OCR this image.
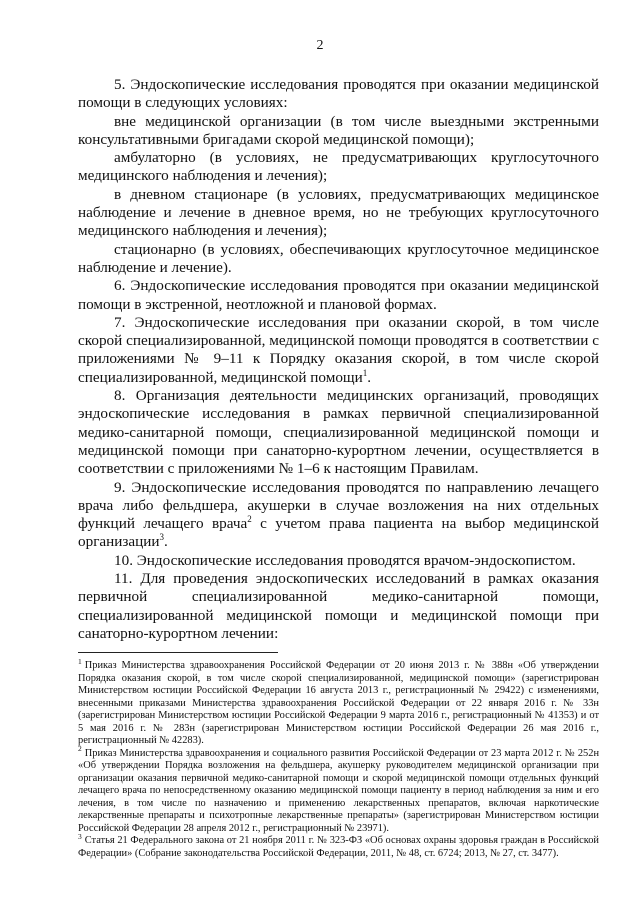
2

5. Эндоскопические исследования проводятся при оказании медицинской помощи в следующих условиях:

вне медицинской организации (в том числе выездными экстренными консультативными бригадами скорой медицинской помощи);

амбулаторно (в условиях, не предусматривающих круглосуточного медицинского наблюдения и лечения);

в дневном стационаре (в условиях, предусматривающих медицинское наблюдение и лечение в дневное время, но не требующих круглосуточного медицинского наблюдения и лечения);

стационарно (в условиях, обеспечивающих круглосуточное медицинское наблюдение и лечение).

6. Эндоскопические исследования проводятся при оказании медицинской помощи в экстренной, неотложной и плановой формах.

7. Эндоскопические исследования при оказании скорой, в том числе скорой специализированной, медицинской помощи проводятся в соответствии с приложениями № 9–11 к Порядку оказания скорой, в том числе скорой специализированной, медицинской помощи$^1$.

8. Организация деятельности медицинских организаций, проводящих эндоскопические исследования в рамках первичной специализированной медико-санитарной помощи, специализированной медицинской помощи и медицинской помощи при санаторно-курортном лечении, осуществляется в соответствии с приложениями № 1–6 к настоящим Правилам.

9. Эндоскопические исследования проводятся по направлению лечащего врача либо фельдшера, акушерки в случае возложения на них отдельных функций лечащего врача$^2$ с учетом права пациента на выбор медицинской организации$^3$.

10. Эндоскопические исследования проводятся врачом-эндоскопистом.

11. Для проведения эндоскопических исследований в рамках оказания первичной специализированной медико-санитарной помощи, специализированной медицинской помощи и медицинской помощи при санаторно-курортном лечении:

$^1$ Приказ Министерства здравоохранения Российской Федерации от 20 июня 2013 г. № 388н «Об утверждении Порядка оказания скорой, в том числе скорой специализированной, медицинской помощи» (зарегистрирован Министерством юстиции Российской Федерации 16 августа 2013 г., регистрационный № 29422) с изменениями, внесенными приказами Министерства здравоохранения Российской Федерации от 22 января 2016 г. № 33н (зарегистрирован Министерством юстиции Российской Федерации 9 марта 2016 г., регистрационный № 41353) и от 5 мая 2016 г. № 283н (зарегистрирован Министерством юстиции Российской Федерации 26 мая 2016 г., регистрационный № 42283).

$^2$ Приказ Министерства здравоохранения и социального развития Российской Федерации от 23 марта 2012 г. № 252н «Об утверждении Порядка возложения на фельдшера, акушерку руководителем медицинской организации при организации оказания первичной медико-санитарной помощи и скорой медицинской помощи отдельных функций лечащего врача по непосредственному оказанию медицинской помощи пациенту в период наблюдения за ним и его лечения, в том числе по назначению и применению лекарственных препаратов, включая наркотические лекарственные препараты и психотропные лекарственные препараты» (зарегистрирован Министерством юстиции Российской Федерации 28 апреля 2012 г., регистрационный № 23971).

$^3$ Статья 21 Федерального закона от 21 ноября 2011 г. № 323-ФЗ «Об основах охраны здоровья граждан в Российской Федерации» (Собрание законодательства Российской Федерации, 2011, № 48, ст. 6724; 2013, № 27, ст. 3477).
